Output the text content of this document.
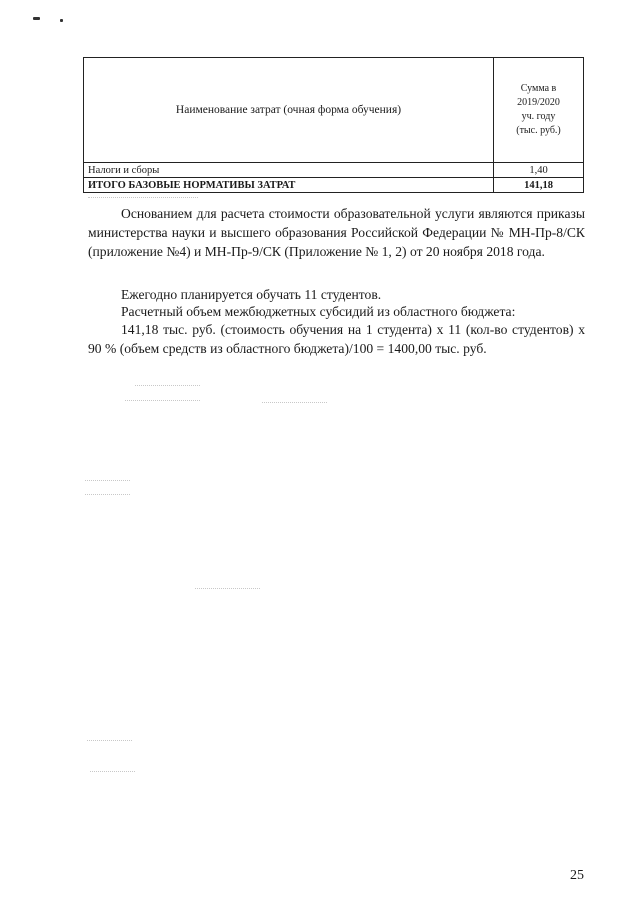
Наименование затрат (очная форма обучения)	Сумма в
2019/2020
уч. году
(тыс. руб.)

Налоги и сборы	1,40
ИТОГО БАЗОВЫЕ НОРМАТИВЫ ЗАТРАТ	141,18

Основанием для расчета стоимости образовательной услуги являются приказы министерства науки и высшего образования Российской Федерации № МН-Пр-8/СК (приложение №4) и МН-Пр-9/СК (Приложение № 1, 2) от 20 ноября 2018 года.

Ежегодно планируется обучать 11 студентов.

Расчетный объем межбюджетных субсидий из областного бюджета:

141,18 тыс. руб. (стоимость обучения на 1 студента) х 11 (кол-во студентов) х 90 % (объем средств из областного бюджета)/100 = 1400,00 тыс. руб.

25
